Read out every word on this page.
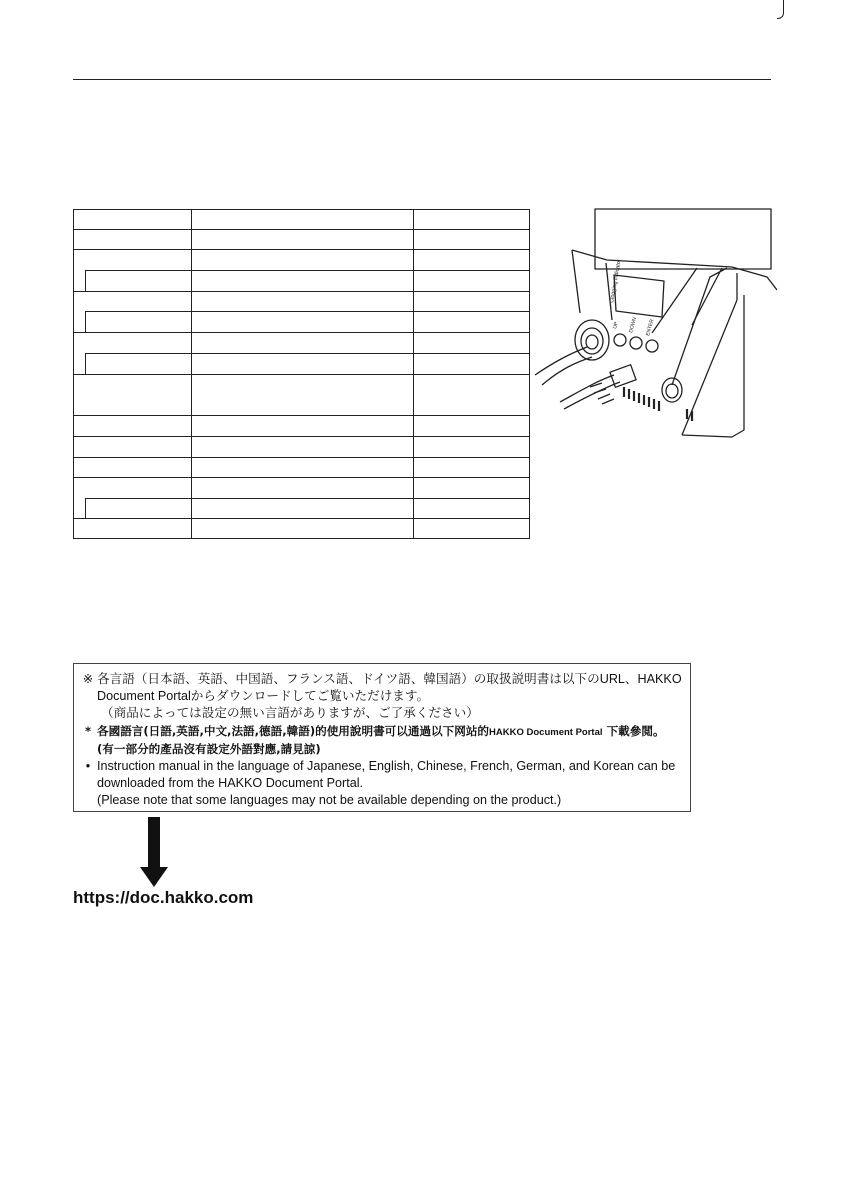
Clogging indicator
UP DOWN ENTER
※ 各言語（日本語、英語、中国語、フランス語、ドイツ語、韓国語）の取扱説明書は以下のURL、HAKKO
Document Portalからダウンロードしてご覧いただけます。
（商品によっては設定の無い言語がありますが、ご了承ください）
* 各國語言(日語,英語,中文,法語,德語,韓語)的使用說明書可以通過以下网站的HAKKO Document Portal 下載參閲。
(有一部分的產品沒有設定外語對應,請見諒)
• Instruction manual in the language of Japanese, English, Chinese, French, German, and Korean can be
downloaded from the HAKKO Document Portal.
(Please note that some languages may not be available depending on the product.)
https://doc.hakko.com
